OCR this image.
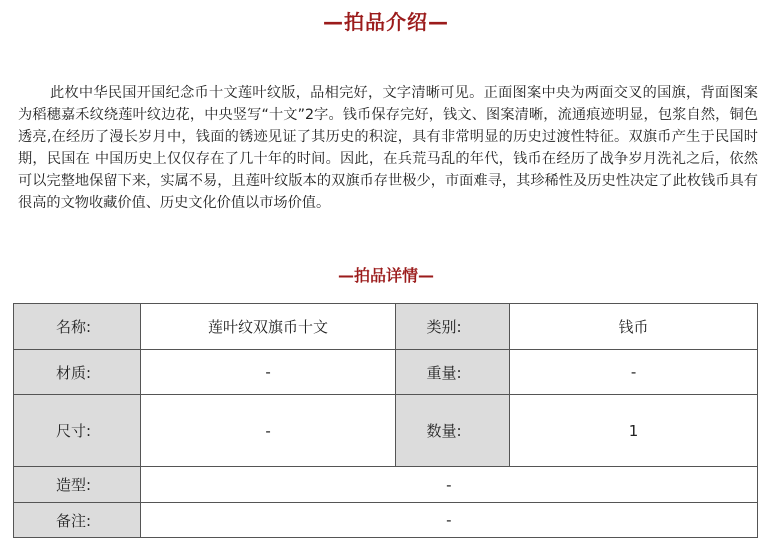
—拍品介绍—

此枚中华民国开国纪念币十文莲叶纹版，品相完好，文字清晰可见。正面图案中央为两面交叉的国旗，背面图案为稻穗嘉禾纹绕莲叶纹边花，中央竖写“十文”2字。钱币保存完好，钱文、图案清晰，流通痕迹明显，包浆自然，铜色透亮,在经历了漫长岁月中，钱面的锈迹见证了其历史的积淀，具有非常明显的历史过渡性特征。双旗币产生于民国时期，民国在 中国历史上仅仅存在了几十年的时间。因此，在兵荒马乱的年代，钱币在经历了战争岁月洗礼之后，依然可以完整地保留下来，实属不易，且莲叶纹版本的双旗币存世极少，市面难寻，其珍稀性及历史性决定了此枚钱币具有很高的文物收藏价值、历史文化价值以市场价值。

—拍品详情—
名称:	莲叶纹双旗币十文	类别:	钱币
材质:	-	重量:	-
尺寸:	-	数量:	1
造型:	-		
备注:	-		
